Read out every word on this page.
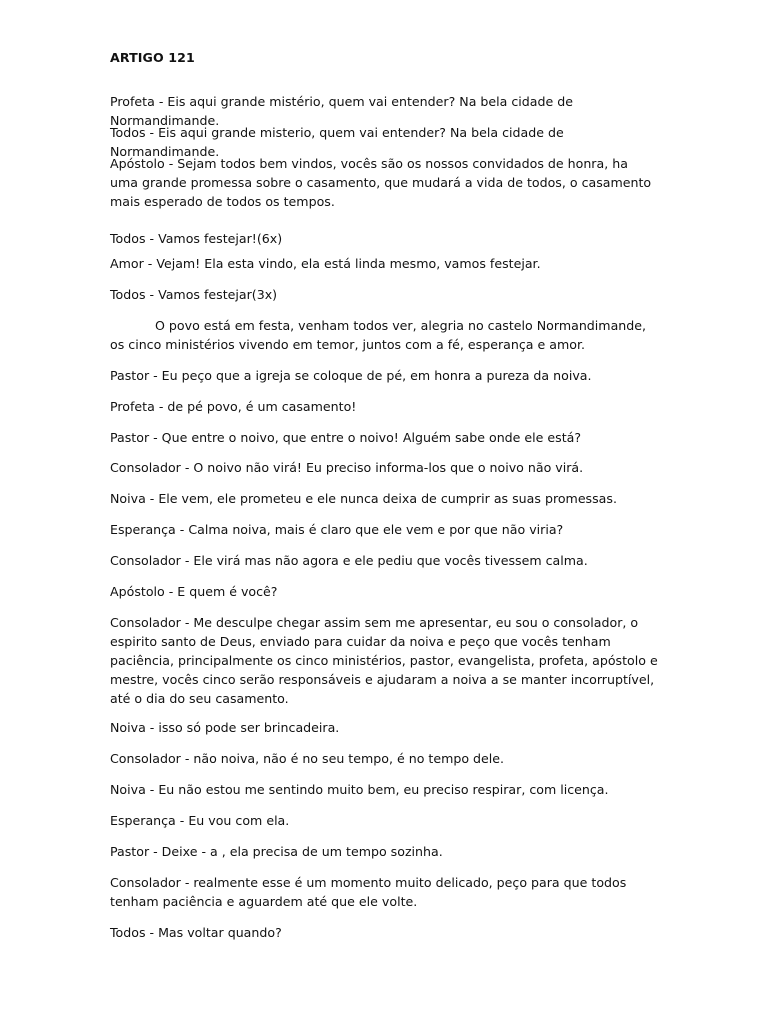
ARTIGO 121
Profeta - Eis aqui grande mistério, quem vai entender? Na bela cidade de Normandimande.
Todos - Eis aqui grande misterio, quem vai entender? Na bela cidade de Normandimande.
Apóstolo - Sejam todos bem vindos, vocês são os nossos convidados de honra, ha uma grande promessa sobre o casamento, que mudará a vida de todos, o casamento mais esperado de todos os tempos.
Todos - Vamos festejar!(6x)
Amor - Vejam! Ela esta vindo, ela está linda mesmo, vamos festejar.
Todos - Vamos festejar(3x)
O povo está em festa, venham todos ver, alegria no castelo Normandimande, os cinco ministérios vivendo em temor, juntos com a fé, esperança e amor.
Pastor - Eu peço que a igreja se coloque de pé, em honra a pureza da noiva.
Profeta - de pé povo, é um casamento!
Pastor - Que entre o noivo, que entre o noivo! Alguém sabe onde ele está?
Consolador - O noivo não virá! Eu preciso informa-los que o noivo não virá.
Noiva - Ele vem, ele prometeu e ele nunca deixa de cumprir as suas promessas.
Esperança - Calma noiva, mais é claro que ele vem e por que não viria?
Consolador - Ele virá mas não agora e ele pediu que vocês tivessem calma.
Apóstolo - E quem é você?
Consolador - Me desculpe chegar assim sem me apresentar, eu sou o consolador, o espirito santo de Deus, enviado para cuidar da noiva e peço que vocês tenham paciência, principalmente os cinco ministérios, pastor, evangelista, profeta, apóstolo e mestre, vocês cinco serão responsáveis e ajudaram a noiva a se manter incorruptível, até o dia do seu casamento.
Noiva - isso só pode ser brincadeira.
Consolador - não noiva, não é no seu tempo, é no tempo dele.
Noiva - Eu não estou me sentindo muito bem, eu preciso respirar, com licença.
Esperança - Eu vou com ela.
Pastor - Deixe - a , ela precisa de um tempo sozinha.
Consolador - realmente esse é um momento muito delicado, peço para que todos tenham paciência e aguardem até que ele volte.
Todos - Mas voltar quando?
